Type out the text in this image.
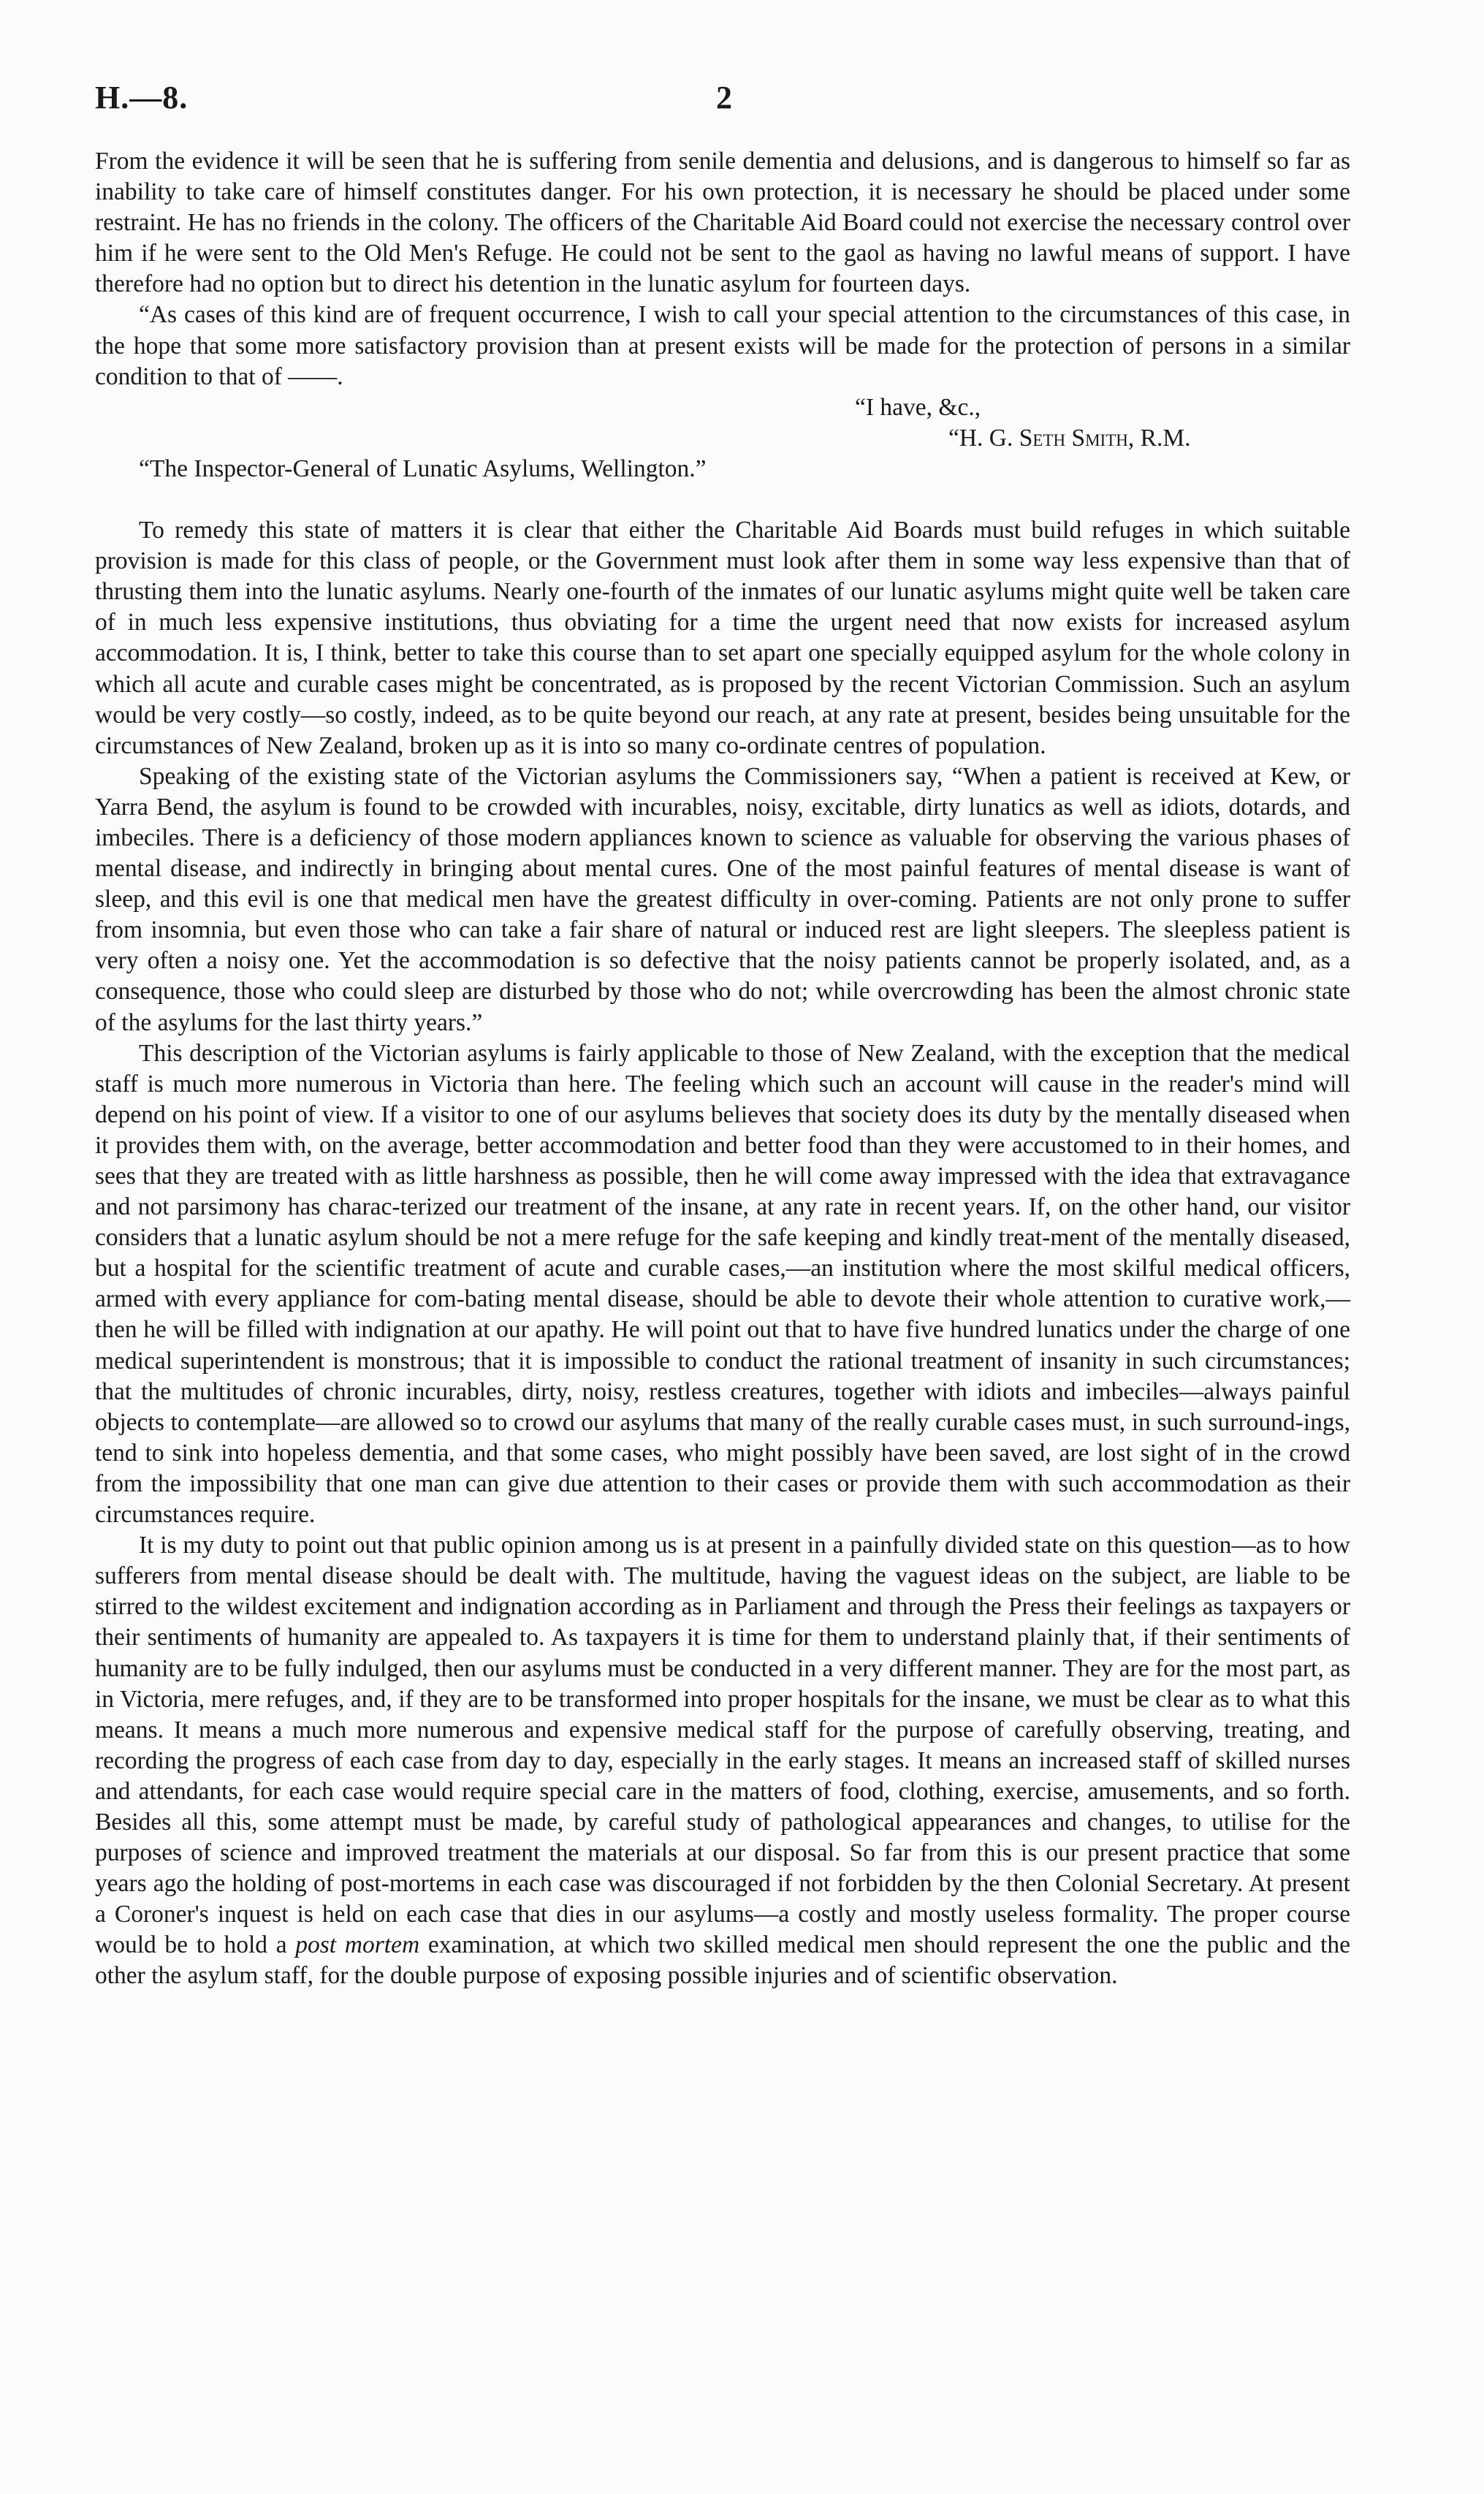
H.—8.	2

From the evidence it will be seen that he is suffering from senile dementia and delusions, and is dangerous to himself so far as inability to take care of himself constitutes danger. For his own protection, it is necessary he should be placed under some restraint. He has no friends in the colony. The officers of the Charitable Aid Board could not exercise the necessary control over him if he were sent to the Old Men's Refuge. He could not be sent to the gaol as having no lawful means of support. I have therefore had no option but to direct his detention in the lunatic asylum for fourteen days.

“As cases of this kind are of frequent occurrence, I wish to call your special attention to the circumstances of this case, in the hope that some more satisfactory provision than at present exists will be made for the protection of persons in a similar condition to that of ——.

“I have, &c.,

“H. G. Seth Smith, R.M.

“The Inspector-General of Lunatic Asylums, Wellington.”

To remedy this state of matters it is clear that either the Charitable Aid Boards must build refuges in which suitable provision is made for this class of people, or the Government must look after them in some way less expensive than that of thrusting them into the lunatic asylums. Nearly one-fourth of the inmates of our lunatic asylums might quite well be taken care of in much less expensive institutions, thus obviating for a time the urgent need that now exists for increased asylum accommodation. It is, I think, better to take this course than to set apart one specially equipped asylum for the whole colony in which all acute and curable cases might be concentrated, as is proposed by the recent Victorian Commission. Such an asylum would be very costly—so costly, indeed, as to be quite beyond our reach, at any rate at present, besides being unsuitable for the circumstances of New Zealand, broken up as it is into so many co-ordinate centres of population.

Speaking of the existing state of the Victorian asylums the Commissioners say, “When a patient is received at Kew, or Yarra Bend, the asylum is found to be crowded with incurables, noisy, excitable, dirty lunatics as well as idiots, dotards, and imbeciles. There is a deficiency of those modern appliances known to science as valuable for observing the various phases of mental disease, and indirectly in bringing about mental cures. One of the most painful features of mental disease is want of sleep, and this evil is one that medical men have the greatest difficulty in over-coming. Patients are not only prone to suffer from insomnia, but even those who can take a fair share of natural or induced rest are light sleepers. The sleepless patient is very often a noisy one. Yet the accommodation is so defective that the noisy patients cannot be properly isolated, and, as a consequence, those who could sleep are disturbed by those who do not; while overcrowding has been the almost chronic state of the asylums for the last thirty years.”

This description of the Victorian asylums is fairly applicable to those of New Zealand, with the exception that the medical staff is much more numerous in Victoria than here. The feeling which such an account will cause in the reader's mind will depend on his point of view. If a visitor to one of our asylums believes that society does its duty by the mentally diseased when it provides them with, on the average, better accommodation and better food than they were accustomed to in their homes, and sees that they are treated with as little harshness as possible, then he will come away impressed with the idea that extravagance and not parsimony has charac-terized our treatment of the insane, at any rate in recent years. If, on the other hand, our visitor considers that a lunatic asylum should be not a mere refuge for the safe keeping and kindly treat-ment of the mentally diseased, but a hospital for the scientific treatment of acute and curable cases,—an institution where the most skilful medical officers, armed with every appliance for com-bating mental disease, should be able to devote their whole attention to curative work,—then he will be filled with indignation at our apathy. He will point out that to have five hundred lunatics under the charge of one medical superintendent is monstrous; that it is impossible to conduct the rational treatment of insanity in such circumstances; that the multitudes of chronic incurables, dirty, noisy, restless creatures, together with idiots and imbeciles—always painful objects to contemplate—are allowed so to crowd our asylums that many of the really curable cases must, in such surround-ings, tend to sink into hopeless dementia, and that some cases, who might possibly have been saved, are lost sight of in the crowd from the impossibility that one man can give due attention to their cases or provide them with such accommodation as their circumstances require.

It is my duty to point out that public opinion among us is at present in a painfully divided state on this question—as to how sufferers from mental disease should be dealt with. The multitude, having the vaguest ideas on the subject, are liable to be stirred to the wildest excitement and indignation according as in Parliament and through the Press their feelings as taxpayers or their sentiments of humanity are appealed to. As taxpayers it is time for them to understand plainly that, if their sentiments of humanity are to be fully indulged, then our asylums must be conducted in a very different manner. They are for the most part, as in Victoria, mere refuges, and, if they are to be transformed into proper hospitals for the insane, we must be clear as to what this means. It means a much more numerous and expensive medical staff for the purpose of carefully observing, treating, and recording the progress of each case from day to day, especially in the early stages. It means an increased staff of skilled nurses and attendants, for each case would require special care in the matters of food, clothing, exercise, amusements, and so forth. Besides all this, some attempt must be made, by careful study of pathological appearances and changes, to utilise for the purposes of science and improved treatment the materials at our disposal. So far from this is our present practice that some years ago the holding of post-mortems in each case was discouraged if not forbidden by the then Colonial Secretary. At present a Coroner's inquest is held on each case that dies in our asylums—a costly and mostly useless formality. The proper course would be to hold a post mortem examination, at which two skilled medical men should represent the one the public and the other the asylum staff, for the double purpose of exposing possible injuries and of scientific observation.
